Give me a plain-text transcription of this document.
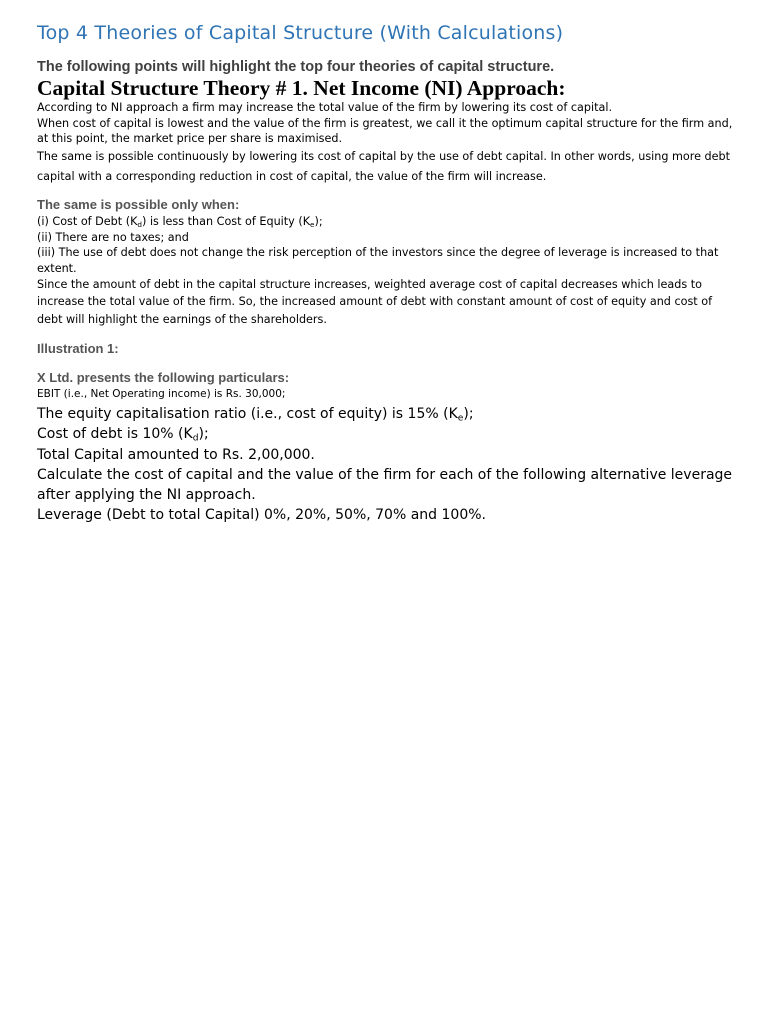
Top 4 Theories of Capital Structure (With Calculations)

The following points will highlight the top four theories of capital structure.

Capital Structure Theory # 1. Net Income (NI) Approach:

According to NI approach a firm may increase the total value of the firm by lowering its cost of capital.

When cost of capital is lowest and the value of the firm is greatest, we call it the optimum capital structure for the firm and, at this point, the market price per share is maximised.

The same is possible continuously by lowering its cost of capital by the use of debt capital. In other words, using more debt capital with a corresponding reduction in cost of capital, the value of the firm will increase.

The same is possible only when:

(i) Cost of Debt $(K_d)$ is less than Cost of Equity $(K_e)$;

(ii) There are no taxes; and

(iii) The use of debt does not change the risk perception of the investors since the degree of leverage is increased to that extent.

Since the amount of debt in the capital structure increases, weighted average cost of capital decreases which leads to increase the total value of the firm. So, the increased amount of debt with constant amount of cost of equity and cost of debt will highlight the earnings of the shareholders.

Illustration 1:

X Ltd. presents the following particulars:

EBIT (i.e., Net Operating income) is Rs. 30,000;

The equity capitalisation ratio (i.e., cost of equity) is 15% $(K_e)$;

Cost of debt is 10% $(K_d)$;

Total Capital amounted to Rs. 2,00,000.

Calculate the cost of capital and the value of the firm for each of the following alternative leverage after applying the NI approach.

Leverage (Debt to total Capital) 0%, 20%, 50%, 70% and 100%.
